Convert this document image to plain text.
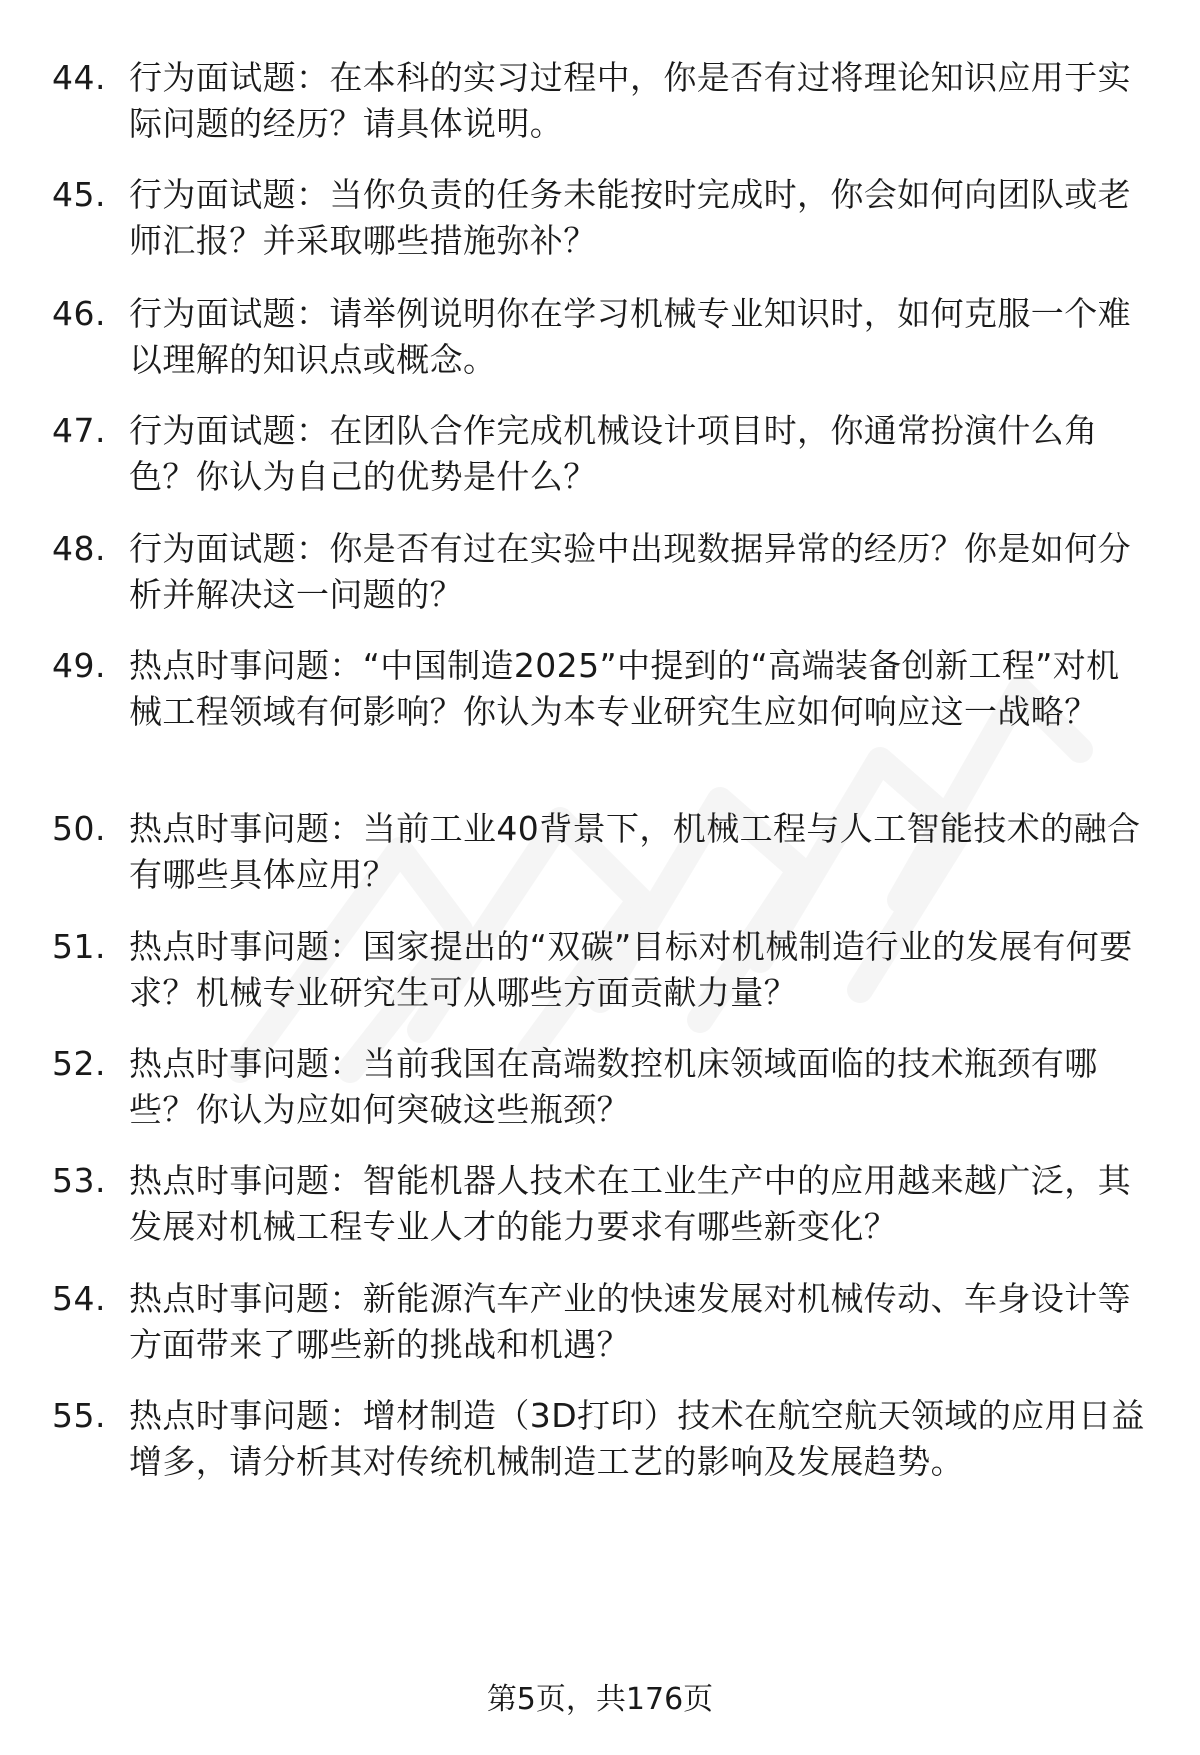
44. 行为面试题：在本科的实习过程中，你是否有过将理论知识应用于实际问题的经历？请具体说明。
45. 行为面试题：当你负责的任务未能按时完成时，你会如何向团队或老师汇报？并采取哪些措施弥补？
46. 行为面试题：请举例说明你在学习机械专业知识时，如何克服一个难以理解的知识点或概念。
47. 行为面试题：在团队合作完成机械设计项目时，你通常扮演什么角色？你认为自己的优势是什么？
48. 行为面试题：你是否有过在实验中出现数据异常的经历？你是如何分析并解决这一问题的？
49. 热点时事问题：“中国制造2025”中提到的“高端装备创新工程”对机械工程领域有何影响？你认为本专业研究生应如何响应这一战略？
50. 热点时事问题：当前工业40背景下，机械工程与人工智能技术的融合有哪些具体应用？
51. 热点时事问题：国家提出的“双碳”目标对机械制造行业的发展有何要求？机械专业研究生可从哪些方面贡献力量？
52. 热点时事问题：当前我国在高端数控机床领域面临的技术瓶颈有哪些？你认为应如何突破这些瓶颈？
53. 热点时事问题：智能机器人技术在工业生产中的应用越来越广泛，其发展对机械工程专业人才的能力要求有哪些新变化？
54. 热点时事问题：新能源汽车产业的快速发展对机械传动、车身设计等方面带来了哪些新的挑战和机遇？
55. 热点时事问题：增材制造（3D打印）技术在航空航天领域的应用日益增多，请分析其对传统机械制造工艺的影响及发展趋势。
第5页，共176页
